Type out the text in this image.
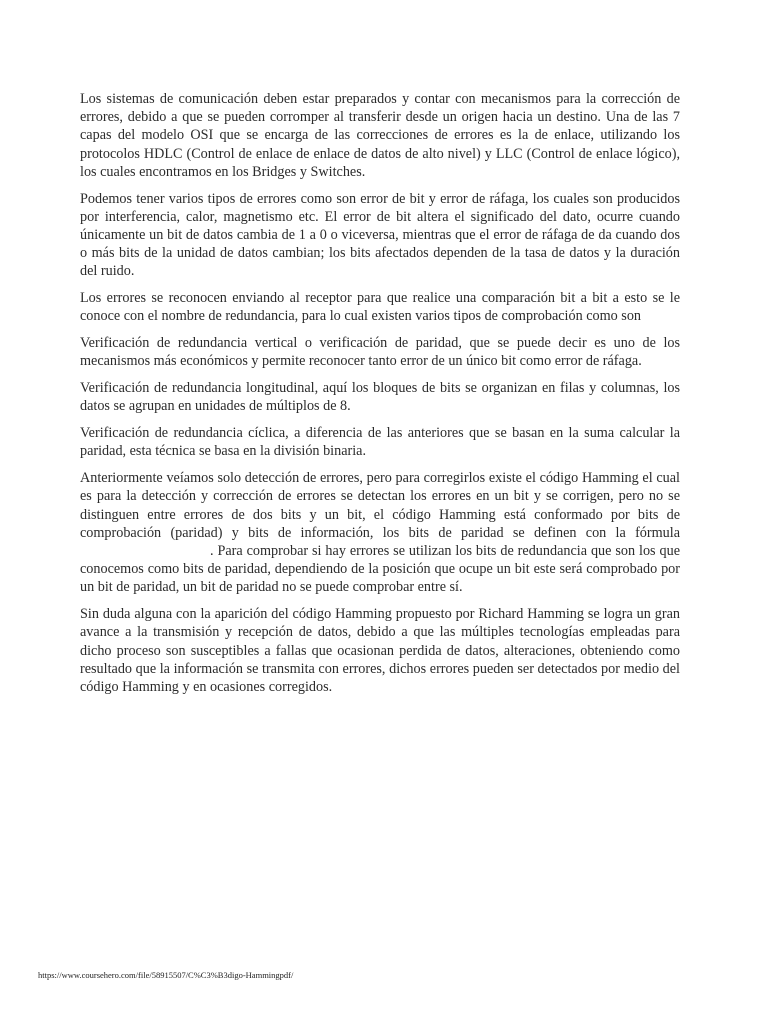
Los sistemas de comunicación deben estar preparados y contar con mecanismos para la corrección de errores, debido a que se pueden corromper al transferir desde un origen hacia un destino. Una de las 7 capas del modelo OSI que se encarga de las correcciones de errores es la de enlace, utilizando los protocolos HDLC (Control de enlace de enlace de datos de alto nivel) y LLC (Control de enlace lógico), los cuales encontramos en los Bridges y Switches.

Podemos tener varios tipos de errores como son error de bit y error de ráfaga, los cuales son producidos por interferencia, calor, magnetismo etc. El error de bit altera el significado del dato, ocurre cuando únicamente un bit de datos cambia de 1 a 0 o viceversa, mientras que el error de ráfaga de da cuando dos o más bits de la unidad de datos cambian; los bits afectados dependen de la tasa de datos y la duración del ruido.

Los errores se reconocen enviando al receptor para que realice una comparación bit a bit a esto se le conoce con el nombre de redundancia, para lo cual existen varios tipos de comprobación como son

Verificación de redundancia vertical o verificación de paridad, que se puede decir es uno de los mecanismos más económicos y permite reconocer tanto error de un único bit como error de ráfaga.

Verificación de redundancia longitudinal, aquí los bloques de bits se organizan en filas y columnas, los datos se agrupan en unidades de múltiplos de 8.

Verificación de redundancia cíclica, a diferencia de las anteriores que se basan en la suma calcular la paridad, esta técnica se basa en la división binaria.

Anteriormente veíamos solo detección de errores, pero para corregirlos existe el código Hamming el cual es para la detección y corrección de errores se detectan los errores en un bit y se corrigen, pero no se distinguen entre errores de dos bits y un bit, el código Hamming está conformado por bits de comprobación (paridad) y bits de información, los bits de paridad se definen con la fórmula. Para comprobar si hay errores se utilizan los bits de redundancia que son los que conocemos como bits de paridad, dependiendo de la posición que ocupe un bit este será comprobado por un bit de paridad, un bit de paridad no se puede comprobar entre sí.

Sin duda alguna con la aparición del código Hamming propuesto por Richard Hamming se logra un gran avance a la transmisión y recepción de datos, debido a que las múltiples tecnologías empleadas para dicho proceso son susceptibles a fallas que ocasionan perdida de datos, alteraciones, obteniendo como resultado que la información se transmita con errores, dichos errores pueden ser detectados por medio del código Hamming y en ocasiones corregidos.

https://www.coursehero.com/file/58915507/C%C3%B3digo-Hammingpdf/
